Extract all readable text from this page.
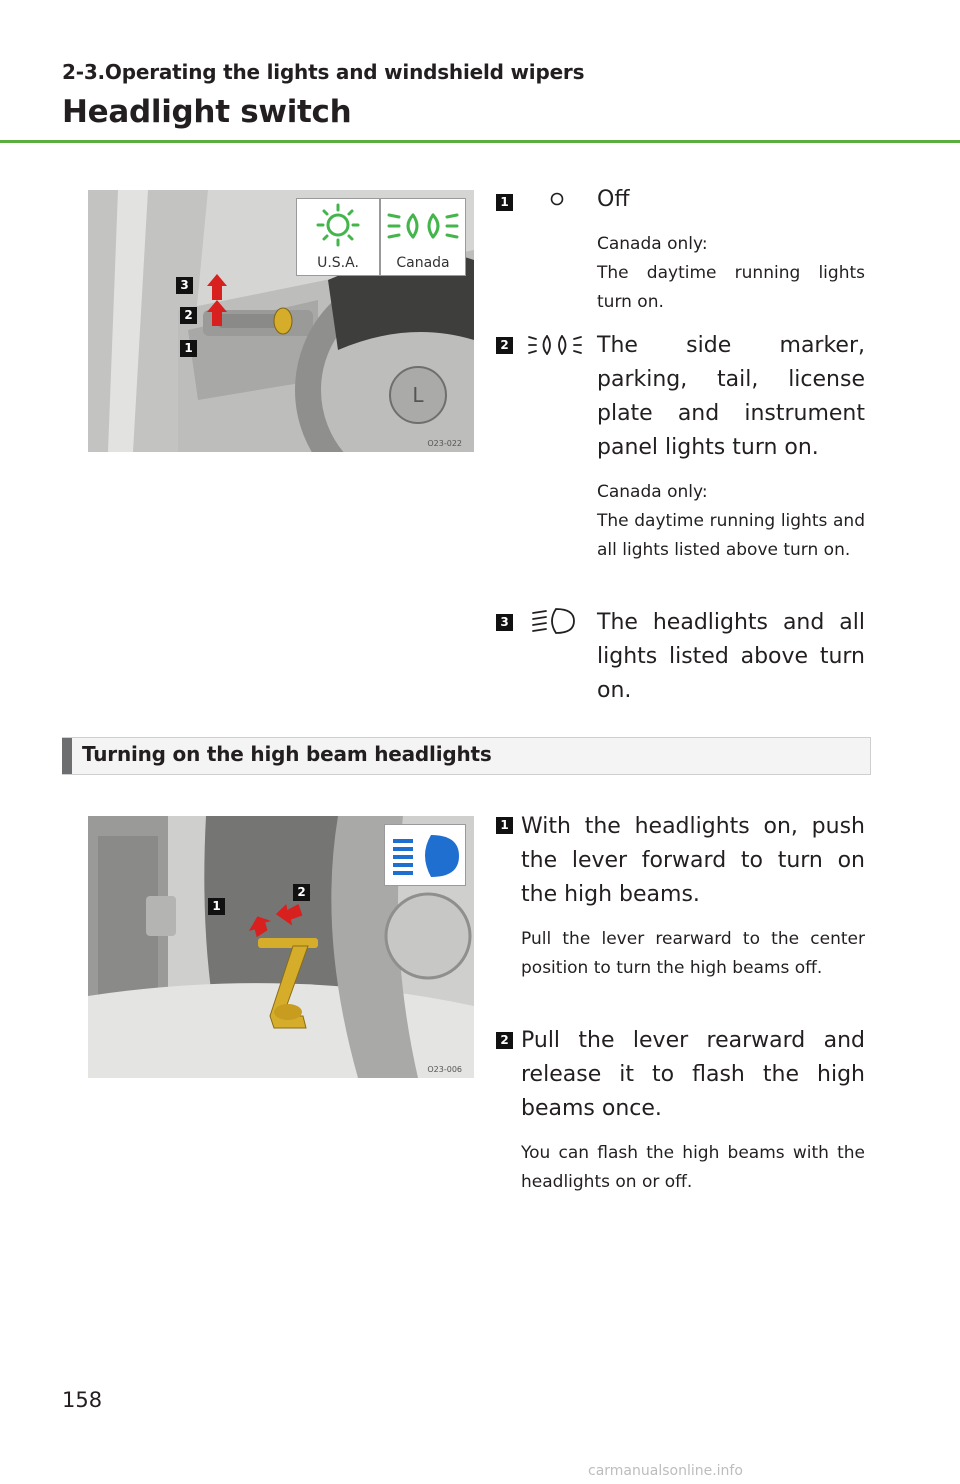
2-3.Operating the lights and windshield wipers
Headlight switch
L
3
2
1
U.S.A.	Canada
O23-022
1	Off
Canada only:
The daytime running lights turn on.
2	The side marker, parking, tail, license plate and instrument panel lights turn on.
Canada only:
The daytime running lights and all lights listed above turn on.
3	The headlights and all lights listed above turn on.
Turning on the high beam headlights
1
2
O23-006
1 With the headlights on, push the lever forward to turn on the high beams.
Pull the lever rearward to the center position to turn the high beams off.
2 Pull the lever rearward and release it to flash the high beams once.
You can flash the high beams with the headlights on or off.
158
carmanualsonline.info
